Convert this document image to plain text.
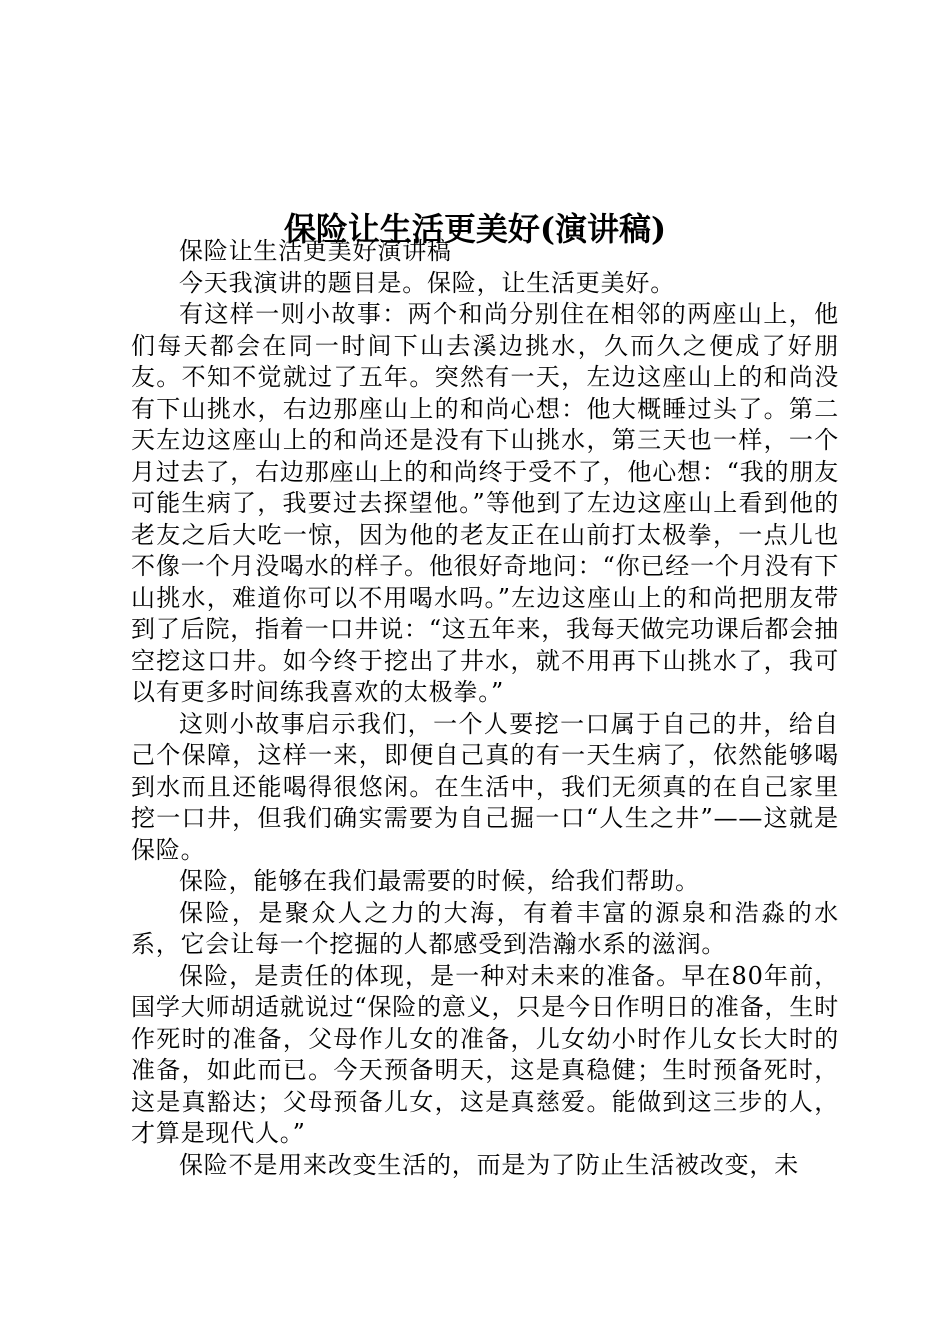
保险让生活更美好(演讲稿)

保险让生活更美好演讲稿

今天我演讲的题目是。保险，让生活更美好。

有这样一则小故事：两个和尚分别住在相邻的两座山上，他们每天都会在同一时间下山去溪边挑水，久而久之便成了好朋友。不知不觉就过了五年。突然有一天，左边这座山上的和尚没有下山挑水，右边那座山上的和尚心想：他大概睡过头了。第二天左边这座山上的和尚还是没有下山挑水，第三天也一样，一个月过去了，右边那座山上的和尚终于受不了，他心想：“我的朋友可能生病了，我要过去探望他。”等他到了左边这座山上看到他的老友之后大吃一惊，因为他的老友正在山前打太极拳，一点儿也不像一个月没喝水的样子。他很好奇地问：“你已经一个月没有下山挑水，难道你可以不用喝水吗。”左边这座山上的和尚把朋友带到了后院，指着一口井说：“这五年来，我每天做完功课后都会抽空挖这口井。如今终于挖出了井水，就不用再下山挑水了，我可以有更多时间练我喜欢的太极拳。”

这则小故事启示我们，一个人要挖一口属于自己的井，给自己个保障，这样一来，即便自己真的有一天生病了，依然能够喝到水而且还能喝得很悠闲。在生活中，我们无须真的在自己家里挖一口井，但我们确实需要为自己掘一口“人生之井”——这就是保险。

保险，能够在我们最需要的时候，给我们帮助。

保险，是聚众人之力的大海，有着丰富的源泉和浩淼的水系，它会让每一个挖掘的人都感受到浩瀚水系的滋润。

保险，是责任的体现，是一种对未来的准备。早在80年前，国学大师胡适就说过“保险的意义，只是今日作明日的准备，生时作死时的准备，父母作儿女的准备，儿女幼小时作儿女长大时的准备，如此而已。今天预备明天，这是真稳健；生时预备死时，这是真豁达；父母预备儿女，这是真慈爱。能做到这三步的人，才算是现代人。”

保险不是用来改变生活的，而是为了防止生活被改变，未
